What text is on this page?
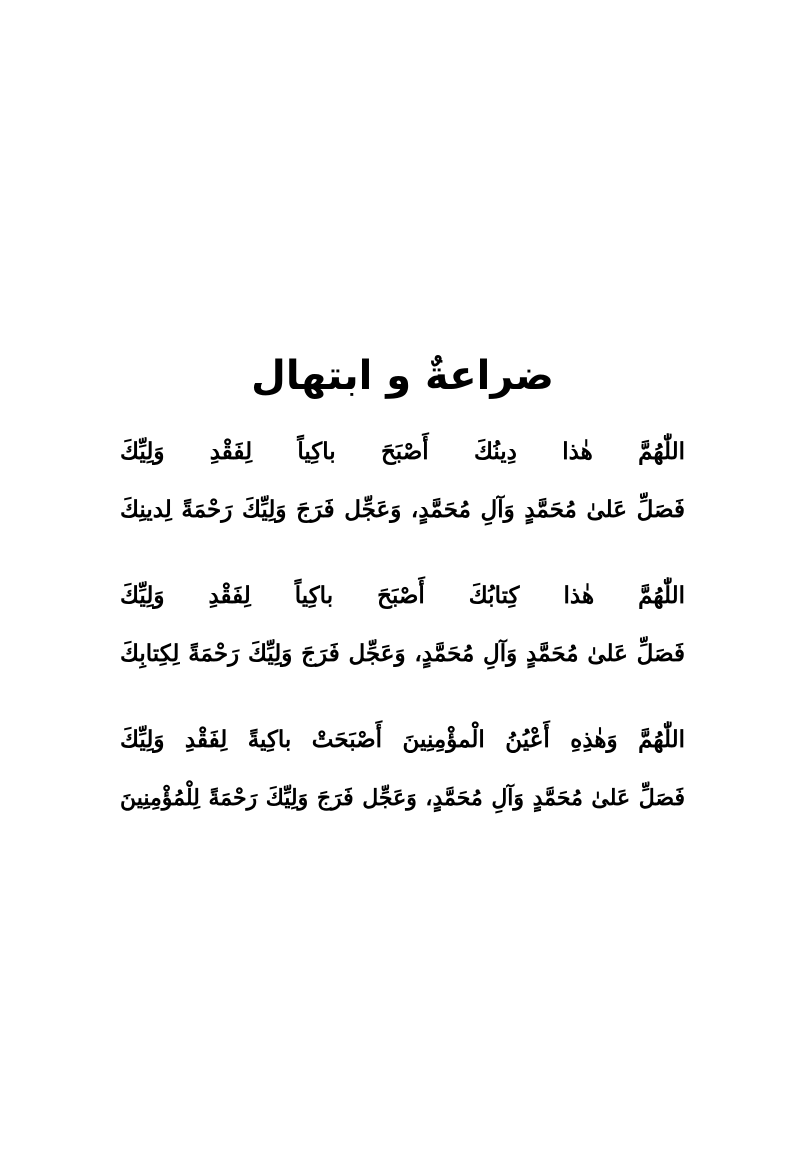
ضراعةٌ و ابتهال
اللّٰهُمَّ هٰذا دِينُكَ أَصْبَحَ باكِياً لِفَقْدِ وَلِيِّكَ
فَصَلِّ عَلىٰ مُحَمَّدٍ وَآلِ مُحَمَّدٍ، وَعَجِّل فَرَجَ وَلِيِّكَ رَحْمَةً لِدينِكَ
اللّٰهُمَّ هٰذا كِتابُكَ أَصْبَحَ باكِياً لِفَقْدِ وَلِيِّكَ
فَصَلِّ عَلىٰ مُحَمَّدٍ وَآلِ مُحَمَّدٍ، وَعَجِّل فَرَجَ وَلِيِّكَ رَحْمَةً لِكِتابِكَ
اللّٰهُمَّ وَهٰذِهِ أَعْيُنُ الْمؤْمِنِينَ أَصْبَحَتْ باكِيةً لِفَقْدِ وَلِيِّكَ
فَصَلِّ عَلىٰ مُحَمَّدٍ وَآلِ مُحَمَّدٍ، وَعَجِّل فَرَجَ وَلِيِّكَ رَحْمَةً لِلْمُؤْمِنِينَ
